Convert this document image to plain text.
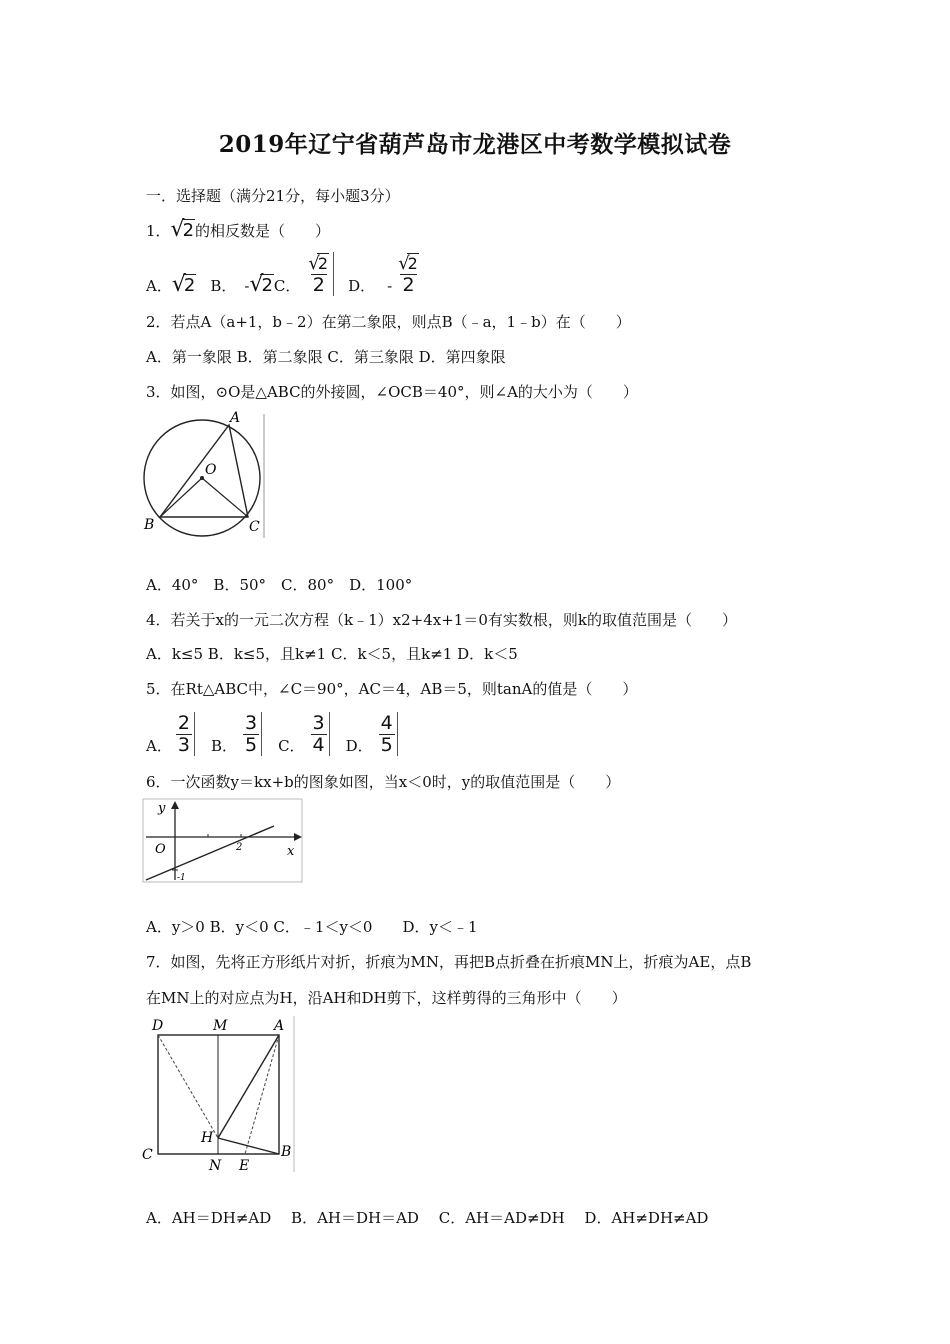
2019年辽宁省葫芦岛市龙港区中考数学模拟试卷
一．选择题（满分21分，每小题3分）
1．√2的相反数是（　　）
A． √2 B． - √2 C． $\frac{√2}{2}$ D． - $\frac{√2}{2}$
2．若点A（a+1，b﹣2）在第二象限，则点B（﹣a，1﹣b）在（　　）
A．第一象限 B．第二象限 C．第三象限 D．第四象限
3．如图，⊙O是△ABC的外接圆，∠OCB＝40°，则∠A的大小为（　　）
A
O
B	C
A．40°　B．50°　C．80°　D．100°
4．若关于x的一元二次方程（k﹣1）x2+4x+1＝0有实数根，则k的取值范围是（　　）
A．k≤5 B．k≤5，且k≠1 C．k＜5，且k≠1 D．k＜5
5．在Rt△ABC中，∠C＝90°，AC＝4，AB＝5，则tanA的值是（　　）
A． $\frac{2}{3}$ B． $\frac{3}{5}$ C． $\frac{3}{4}$ D． $\frac{4}{5}$
6．一次函数y＝kx+b的图象如图，当x＜0时，y的取值范围是（　　）
y
O	x
2
-1
A．y＞0 B．y＜0 C．﹣1＜y＜0　　D．y＜﹣1
7．如图，先将正方形纸片对折，折痕为MN，再把B点折叠在折痕MN上，折痕为AE，点B
在MN上的对应点为H，沿AH和DH剪下，这样剪得的三角形中（　　）
D	M	A
H
C
N E
B
A．AH＝DH≠AD　 B．AH＝DH＝AD　 C．AH＝AD≠DH　 D．AH≠DH≠AD
